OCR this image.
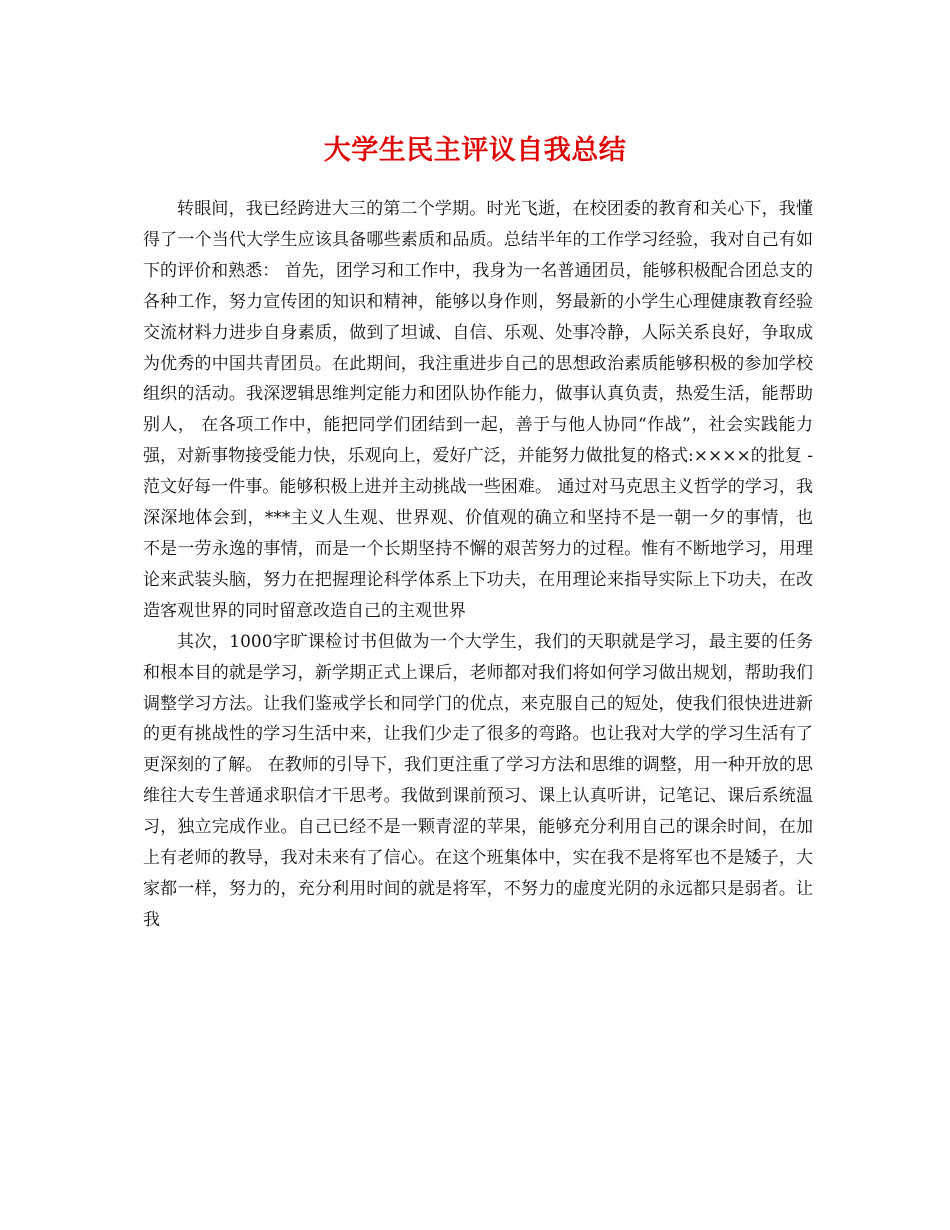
大学生民主评议自我总结

转眼间，我已经跨进大三的第二个学期。时光飞逝，在校团委的教育和关心下，我懂得了一个当代大学生应该具备哪些素质和品质。总结半年的工作学习经验，我对自己有如下的评价和熟悉： 首先，团学习和工作中，我身为一名普通团员，能够积极配合团总支的各种工作，努力宣传团的知识和精神，能够以身作则，努最新的小学生心理健康教育经验交流材料力进步自身素质，做到了坦诚、自信、乐观、处事冷静，人际关系良好，争取成为优秀的中国共青团员。在此期间，我注重进步自己的思想政治素质能够积极的参加学校组织的活动。我深逻辑思维判定能力和团队协作能力，做事认真负责，热爱生活，能帮助别人， 在各项工作中，能把同学们团结到一起，善于与他人协同“作战”，社会实践能力强，对新事物接受能力快，乐观向上，爱好广泛，并能努力做批复的格式:××××的批复 -范文好每一件事。能够积极上进并主动挑战一些困难。 通过对马克思主义哲学的学习，我深深地体会到，***主义人生观、世界观、价值观的确立和坚持不是一朝一夕的事情，也不是一劳永逸的事情，而是一个长期坚持不懈的艰苦努力的过程。惟有不断地学习，用理论来武装头脑，努力在把握理论科学体系上下功夫，在用理论来指导实际上下功夫，在改造客观世界的同时留意改造自己的主观世界

其次，1000字旷课检讨书但做为一个大学生，我们的天职就是学习，最主要的任务和根本目的就是学习，新学期正式上课后，老师都对我们将如何学习做出规划，帮助我们调整学习方法。让我们鉴戒学长和同学门的优点，来克服自己的短处，使我们很快进进新的更有挑战性的学习生活中来，让我们少走了很多的弯路。也让我对大学的学习生活有了更深刻的了解。 在教师的引导下，我们更注重了学习方法和思维的调整，用一种开放的思维往大专生普通求职信才干思考。我做到课前预习、课上认真听讲，记笔记、课后系统温习，独立完成作业。自己已经不是一颗青涩的苹果，能够充分利用自己的课余时间，在加上有老师的教导，我对未来有了信心。在这个班集体中，实在我不是将军也不是矮子，大家都一样，努力的，充分利用时间的就是将军，不努力的虚度光阴的永远都只是弱者。让我
